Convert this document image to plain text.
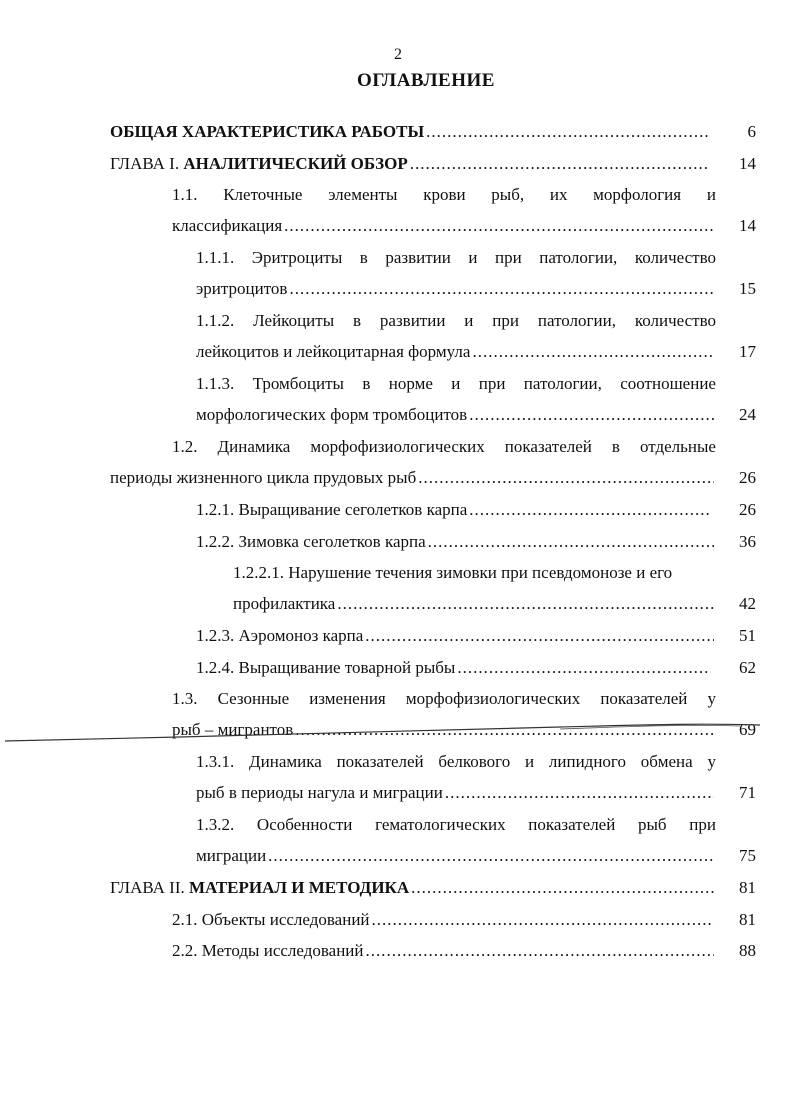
2
ОГЛАВЛЕНИЕ
ОБЩАЯ ХАРАКТЕРИСТИКА РАБОТЫ .....	6
ГЛАВА I. АНАЛИТИЧЕСКИЙ ОБЗОР .....	14
1.1. Клеточные элементы крови рыб, их морфология и
классификация .....	14
1.1.1. Эритроциты в развитии и при патологии, количество
эритроцитов .....	15
1.1.2. Лейкоциты в развитии и при патологии, количество
лейкоцитов и лейкоцитарная формула .....	17
1.1.3. Тромбоциты в норме и при патологии, соотношение
морфологических форм тромбоцитов .....	24
1.2. Динамика морфофизиологических показателей в отдельные
периоды жизненного цикла прудовых рыб .....	26
1.2.1. Выращивание сеголетков карпа .....	26
1.2.2. Зимовка сеголетков карпа .....	36
1.2.2.1. Нарушение течения зимовки при псевдомонозе и его
профилактика .....	42
1.2.3. Аэромоноз карпа .....	51
1.2.4. Выращивание товарной рыбы .....	62
1.3. Сезонные изменения морфофизиологических показателей у
рыб – мигрантов .....	69
1.3.1. Динамика показателей белкового и липидного обмена у
рыб в периоды нагула и миграции .....	71
1.3.2. Особенности гематологических показателей рыб при
миграции .....	75
ГЛАВА II. МАТЕРИАЛ И МЕТОДИКА .....	81
2.1. Объекты исследований .....	81
2.2. Методы исследований .....	88
